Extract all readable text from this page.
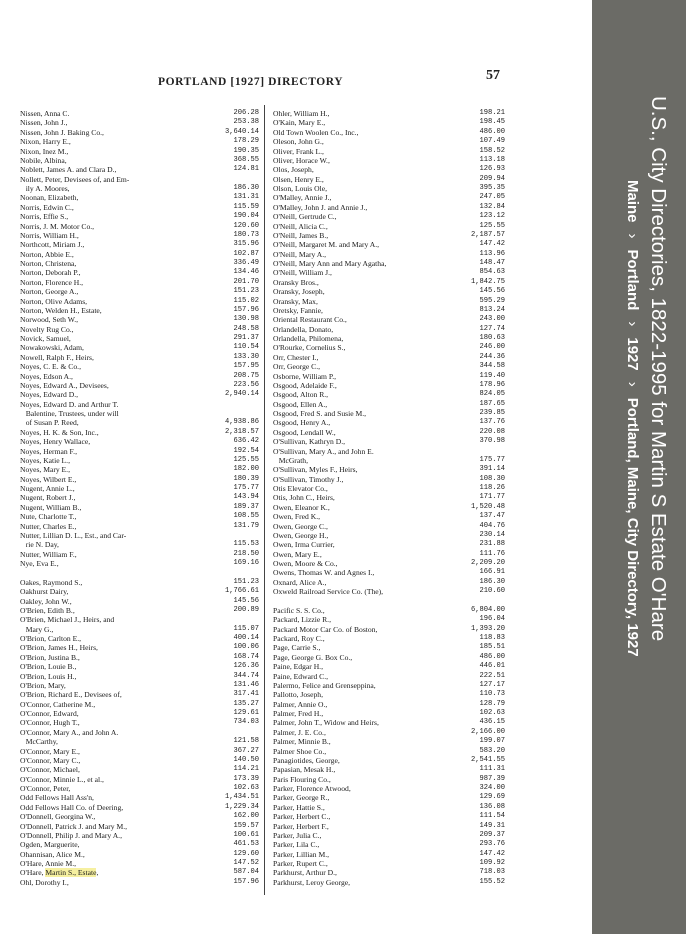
PORTLAND [1927] DIRECTORY	57
Nissen, Anna C.	206.28
Nissen, John J.,	253.38
Nissen, John J. Baking Co.,	3,640.14
Nixon, Harry E.,	178.29
Nixon, Inez M.,	190.35
Nobile, Albina,	368.55
Noblett, James A. and Clara D.,	124.81
Nollett, Peter, Devisees of, and Em-
ily A. Moores,	186.30
Noonan, Elizabeth,	131.31
Norris, Edwin C.,	115.59
Norris, Effie S.,	190.04
Norris, J. M. Motor Co.,	120.60
Norris, William H.,	180.73
Northcott, Miriam J.,	315.96
Norton, Abbie E.,	102.87
Norton, Christena,	336.49
Norton, Deborah P.,	134.46
Norton, Florence H.,	201.70
Norton, George A.,	151.23
Norton, Olive Adams,	115.02
Norton, Welden H., Estate,	157.96
Norwood, Seth W.,	130.98
Novelty Rug Co.,	248.58
Novick, Samuel,	291.37
Nowakowski, Adam,	110.54
Nowell, Ralph F., Heirs,	133.30
Noyes, C. E. & Co.,	157.95
Noyes, Edson A.,	208.75
Noyes, Edward A., Devisees,	223.56
Noyes, Edward D.,	2,940.14
Noyes, Edward D. and Arthur T.
Balentine, Trustees, under will
of Susan P. Reed,	4,938.86
Noyes, H. K. & Son, Inc.,	2,318.57
Noyes, Henry Wallace,	636.42
Noyes, Herman F.,	192.54
Noyes, Katie L.,	125.55
Noyes, Mary E.,	182.00
Noyes, Wilbert E.,	180.39
Nugent, Annie L.,	175.77
Nugent, Robert J.,	143.94
Nugent, William B.,	189.37
Nute, Charlotte T.,	108.55
Nutter, Charles E.,	131.79
Nutter, Lillian D. L., Est., and Car-
rie N. Day,	115.53
Nutter, William F.,	218.50
Nye, Eva E.,	169.16
Oakes, Raymond S.,	151.23
Oakhurst Dairy,	1,766.61
Oakley, John W.,	145.56
O'Brien, Edith B.,	200.89
O'Brien, Michael J., Heirs, and
Mary G.,	115.07
O'Brion, Carlton E.,	400.14
O'Brion, James H., Heirs,	100.06
O'Brion, Justina B.,	168.74
O'Brion, Louie B.,	126.36
O'Brion, Louis H.,	344.74
O'Brion, Mary,	131.46
O'Brion, Richard E., Devisees of,	317.41
O'Connor, Catherine M.,	135.27
O'Connor, Edward,	129.61
O'Connor, Hugh T.,	734.03
O'Connor, Mary A., and John A.
McCarthy,	121.58
O'Connor, Mary E.,	367.27
O'Connor, Mary C.,	140.50
O'Connor, Michael,	114.21
O'Connor, Minnie L., et al.,	173.39
O'Connor, Peter,	102.63
Odd Fellows Hall Ass'n,	1,434.51
Odd Fellows Hall Co. of Deering,	1,229.34
O'Donnell, Georgina W.,	162.00
O'Donnell, Patrick J. and Mary M.,	159.57
O'Donnell, Philip J. and Mary A.,	100.61
Ogden, Marguerite,	461.53
Ohannisan, Alice M.,	129.60
O'Hare, Annie M.,	147.52
O'Hare, Martin S., Estate,	587.04
Ohl, Dorothy I.,	157.96
Ohler, William H.,	198.21
O'Kain, Mary E.,	198.45
Old Town Woolen Co., Inc.,	486.00
Oleson, John G.,	107.49
Oliver, Frank L.,	158.52
Oliver, Horace W.,	113.18
Olos, Joseph,	126.93
Olsen, Henry E.,	209.94
Olson, Louis Ole,	395.35
O'Malley, Annie J.,	247.05
O'Malley, John J. and Annie J.,	132.84
O'Neill, Gertrude C.,	123.12
O'Neill, Alicia C.,	125.55
O'Neill, James B.,	2,187.57
O'Neill, Margaret M. and Mary A.,	147.42
O'Neill, Mary A.,	113.96
O'Neill, Mary Ann and Mary Agatha,	148.47
O'Neill, William J.,	854.63
Oransky Bros.,	1,842.75
Oransky, Joseph,	145.56
Oransky, Max,	595.29
Oretsky, Fannie,	813.24
Oriental Restaurant Co.,	243.00
Orlandella, Donato,	127.74
Orlandella, Philomena,	180.63
O'Rourke, Cornelius S.,	246.00
Orr, Chester I.,	244.36
Orr, George C.,	344.58
Osborne, William P.,	119.40
Osgood, Adelaide F.,	178.96
Osgood, Alton R.,	824.05
Osgood, Ellen A.,	187.65
Osgood, Fred S. and Susie M.,	239.85
Osgood, Henry A.,	137.76
Osgood, Lendall W.,	220.08
O'Sullivan, Kathryn D.,	370.98
O'Sullivan, Mary A., and John E.
McGrath,	175.77
O'Sullivan, Myles F., Heirs,	391.14
O'Sullivan, Timothy J.,	108.30
Otis Elevator Co.,	118.26
Otis, John C., Heirs,	171.77
Owen, Eleanor K.,	1,520.48
Owen, Fred K.,	137.47
Owen, George C.,	404.76
Owen, George H.,	230.14
Owen, Irma Currier,	231.88
Owen, Mary E.,	111.76
Owen, Moore & Co.,	2,209.20
Owens, Thomas W. and Agnes I.,	166.91
Oxnard, Alice A.,	186.30
Oxweld Railroad Service Co. (The),	210.60
Pacific S. S. Co.,	6,804.00
Packard, Lizzie R.,	196.04
Packard Motor Car Co. of Boston,	1,393.20
Packard, Roy C.,	118.83
Page, Carrie S.,	185.51
Page, George G. Box Co.,	486.00
Paine, Edgar H.,	446.01
Paine, Edward C.,	222.51
Palermo, Felice and Grenseppina,	127.17
Pallotto, Joseph,	110.73
Palmer, Annie O.,	128.79
Palmer, Fred H.,	102.63
Palmer, John T., Widow and Heirs,	436.15
Palmer, J. E. Co.,	2,166.00
Palmer, Minnie B.,	199.07
Palmer Shoe Co.,	583.20
Panagiotides, George,	2,541.55
Papasian, Mesak H.,	111.31
Paris Flouring Co.,	987.39
Parker, Florence Atwood,	324.00
Parker, George R.,	129.69
Parker, Hattie S.,	136.08
Parker, Herbert C.,	111.54
Parker, Herbert F.,	149.31
Parker, Julia C.,	209.37
Parker, Lila C.,	293.76
Parker, Lillian M.,	147.42
Parker, Rupert C.,	109.92
Parkhurst, Arthur D.,	718.03
Parkhurst, Leroy George,	155.52
U.S., City Directories, 1822-1995 for Martin S Estate O'Hare
Maine›Portland›1927›Portland, Maine, City Directory, 1927
